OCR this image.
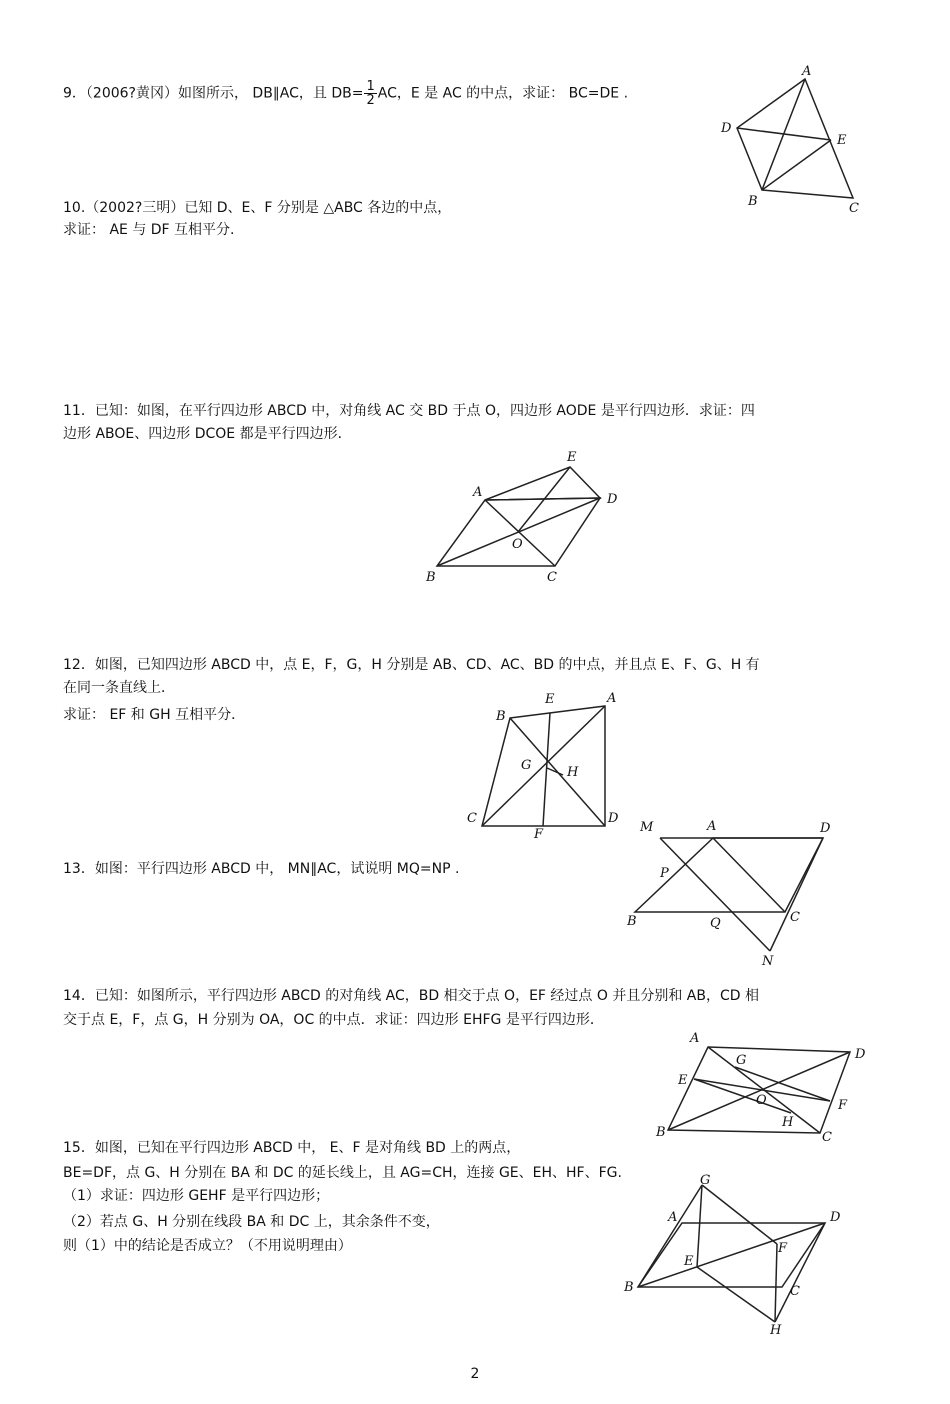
9．（2006?黄冈）如图所示， DB∥AC，且 $DB= \frac{1}{2}$ AC，E 是 AC 的中点，求证： BC=DE .
A
D
E
B	C
10.（2002?三明）已知 D、E、F 分别是 △ABC 各边的中点，
求证： AE 与 DF 互相平分.
11．已知：如图，在平行四边形 ABCD 中，对角线 AC 交 BD 于点 O，四边形 AODE 是平行四边形．求证：四
边形 ABOE、四边形 DCOE 都是平行四边形．
E
A	D
O
B	C
12．如图，已知四边形 ABCD 中，点 E，F，G，H 分别是 AB、CD、AC、BD 的中点，并且点 E、F、G、H 有
在同一条直线上．
求证： EF 和 GH 互相平分．
E	A
B
G	H
C	D
F
13．如图：平行四边形 ABCD 中， MN∥AC，试说明 MQ=NP .
M	A	D
P
B	Q	C
N
14．已知：如图所示，平行四边形 ABCD 的对角线 AC，BD 相交于点 O，EF 经过点 O 并且分别和 AB，CD 相
交于点 E，F，点 G，H 分别为 OA，OC 的中点．求证：四边形 EHFG 是平行四边形．
A
G	D
E
O	F
H
B	C
15．如图，已知在平行四边形 ABCD 中， E、F 是对角线 BD 上的两点，
BE=DF，点 G、H 分别在 BA 和 DC 的延长线上，且 AG=CH，连接 GE、EH、HF、FG.
（1）求证：四边形 GEHF 是平行四边形；
（2）若点 G、H 分别在线段 BA 和 DC 上，其余条件不变，
则（1）中的结论是否成立？（不用说明理由）
G
A	D
F
E
B	C
H
2
